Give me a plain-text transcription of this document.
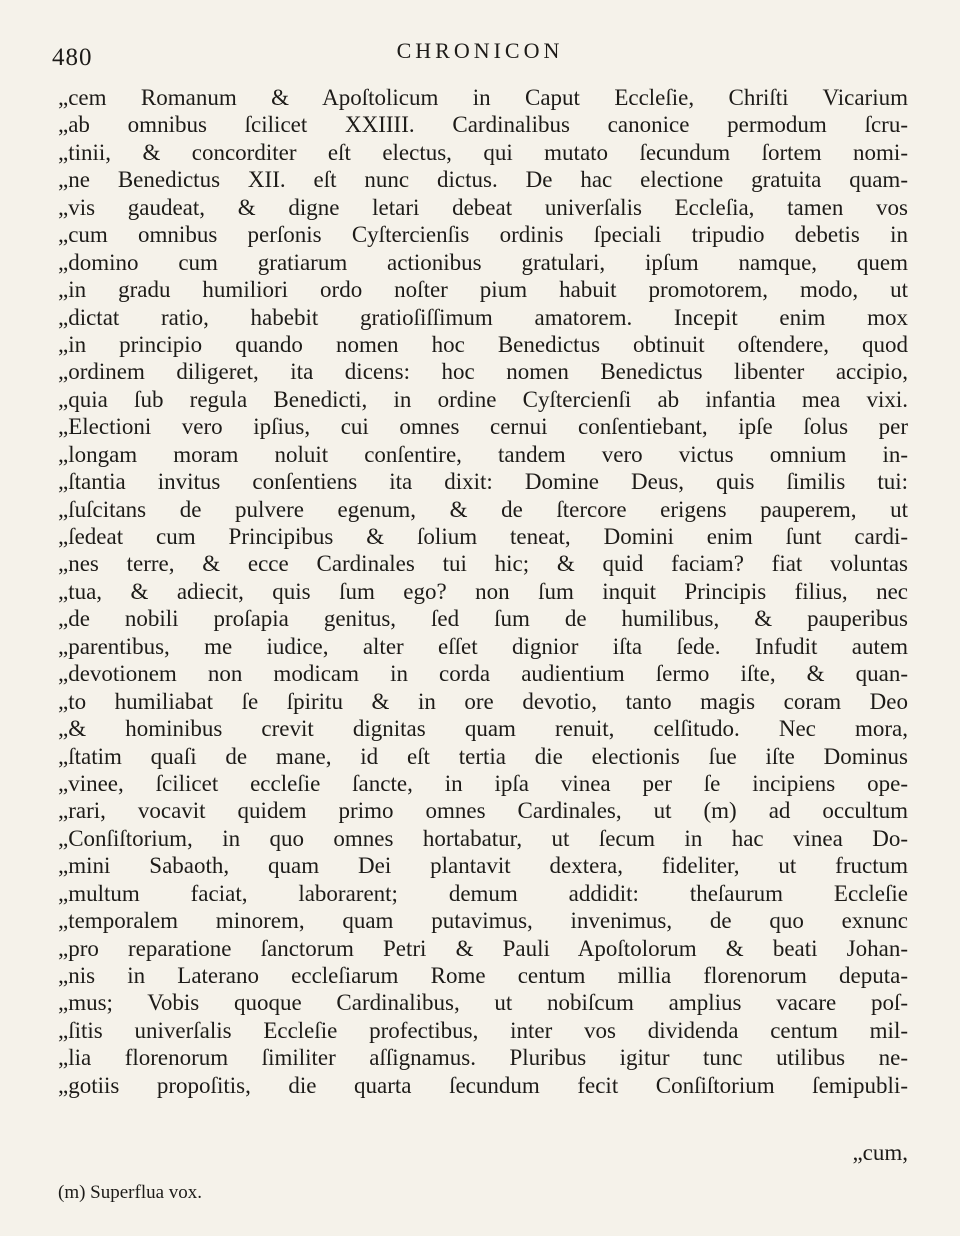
480	CHRONICON
„cem Romanum & Apoſtolicum in Caput Eccleſie, Chriſti Vicarium
„ab omnibus ſcilicet XXIIII. Cardinalibus canonice permodum ſcru-
„tinii, & concorditer eſt electus, qui mutato ſecundum ſortem nomi-
„ne Benedictus XII. eſt nunc dictus. De hac electione gratuita quam-
„vis gaudeat, & digne letari debeat univerſalis Eccleſia, tamen vos
„cum omnibus perſonis Cyſtercienſis ordinis ſpeciali tripudio debetis in
„domino cum gratiarum actionibus gratulari, ipſum namque, quem
„in gradu humiliori ordo noſter pium habuit promotorem, modo, ut
„dictat ratio, habebit gratioſiſſimum amatorem. Incepit enim mox
„in principio quando nomen hoc Benedictus obtinuit oſtendere, quod
„ordinem diligeret, ita dicens: hoc nomen Benedictus libenter accipio,
„quia ſub regula Benedicti, in ordine Cyſtercienſi ab infantia mea vixi.
„Electioni vero ipſius, cui omnes cernui conſentiebant, ipſe ſolus per
„longam moram noluit conſentire, tandem vero victus omnium in-
„ſtantia invitus conſentiens ita dixit: Domine Deus, quis ſimilis tui:
„ſuſcitans de pulvere egenum, & de ſtercore erigens pauperem, ut
„ſedeat cum Principibus & ſolium teneat, Domini enim ſunt cardi-
„nes terre, & ecce Cardinales tui hic; & quid faciam? fiat voluntas
„tua, & adiecit, quis ſum ego? non ſum inquit Principis filius, nec
„de nobili proſapia genitus, ſed ſum de humilibus, & pauperibus
„parentibus, me iudice, alter eſſet dignior iſta ſede. Infudit autem
„devotionem non modicam in corda audientium ſermo iſte, & quan-
„to humiliabat ſe ſpiritu & in ore devotio, tanto magis coram Deo
„& hominibus crevit dignitas quam renuit, celſitudo. Nec mora,
„ſtatim quaſi de mane, id eſt tertia die electionis ſue iſte Dominus
„vinee, ſcilicet eccleſie ſancte, in ipſa vinea per ſe incipiens ope-
„rari, vocavit quidem primo omnes Cardinales, ut (m) ad occultum
„Conſiſtorium, in quo omnes hortabatur, ut ſecum in hac vinea Do-
„mini Sabaoth, quam Dei plantavit dextera, fideliter, ut fructum
„multum faciat, laborarent; demum addidit: theſaurum Eccleſie
„temporalem minorem, quam putavimus, invenimus, de quo exnunc
„pro reparatione ſanctorum Petri & Pauli Apoſtolorum & beati Johan-
„nis in Laterano eccleſiarum Rome centum millia florenorum deputa-
„mus; Vobis quoque Cardinalibus, ut nobiſcum amplius vacare poſ-
„ſitis univerſalis Eccleſie profectibus, inter vos dividenda centum mil-
„lia florenorum ſimiliter aſſignamus. Pluribus igitur tunc utilibus ne-
„gotiis propoſitis, die quarta ſecundum fecit Conſiſtorium ſemipubli-
„cum,
(m) Superflua vox.
